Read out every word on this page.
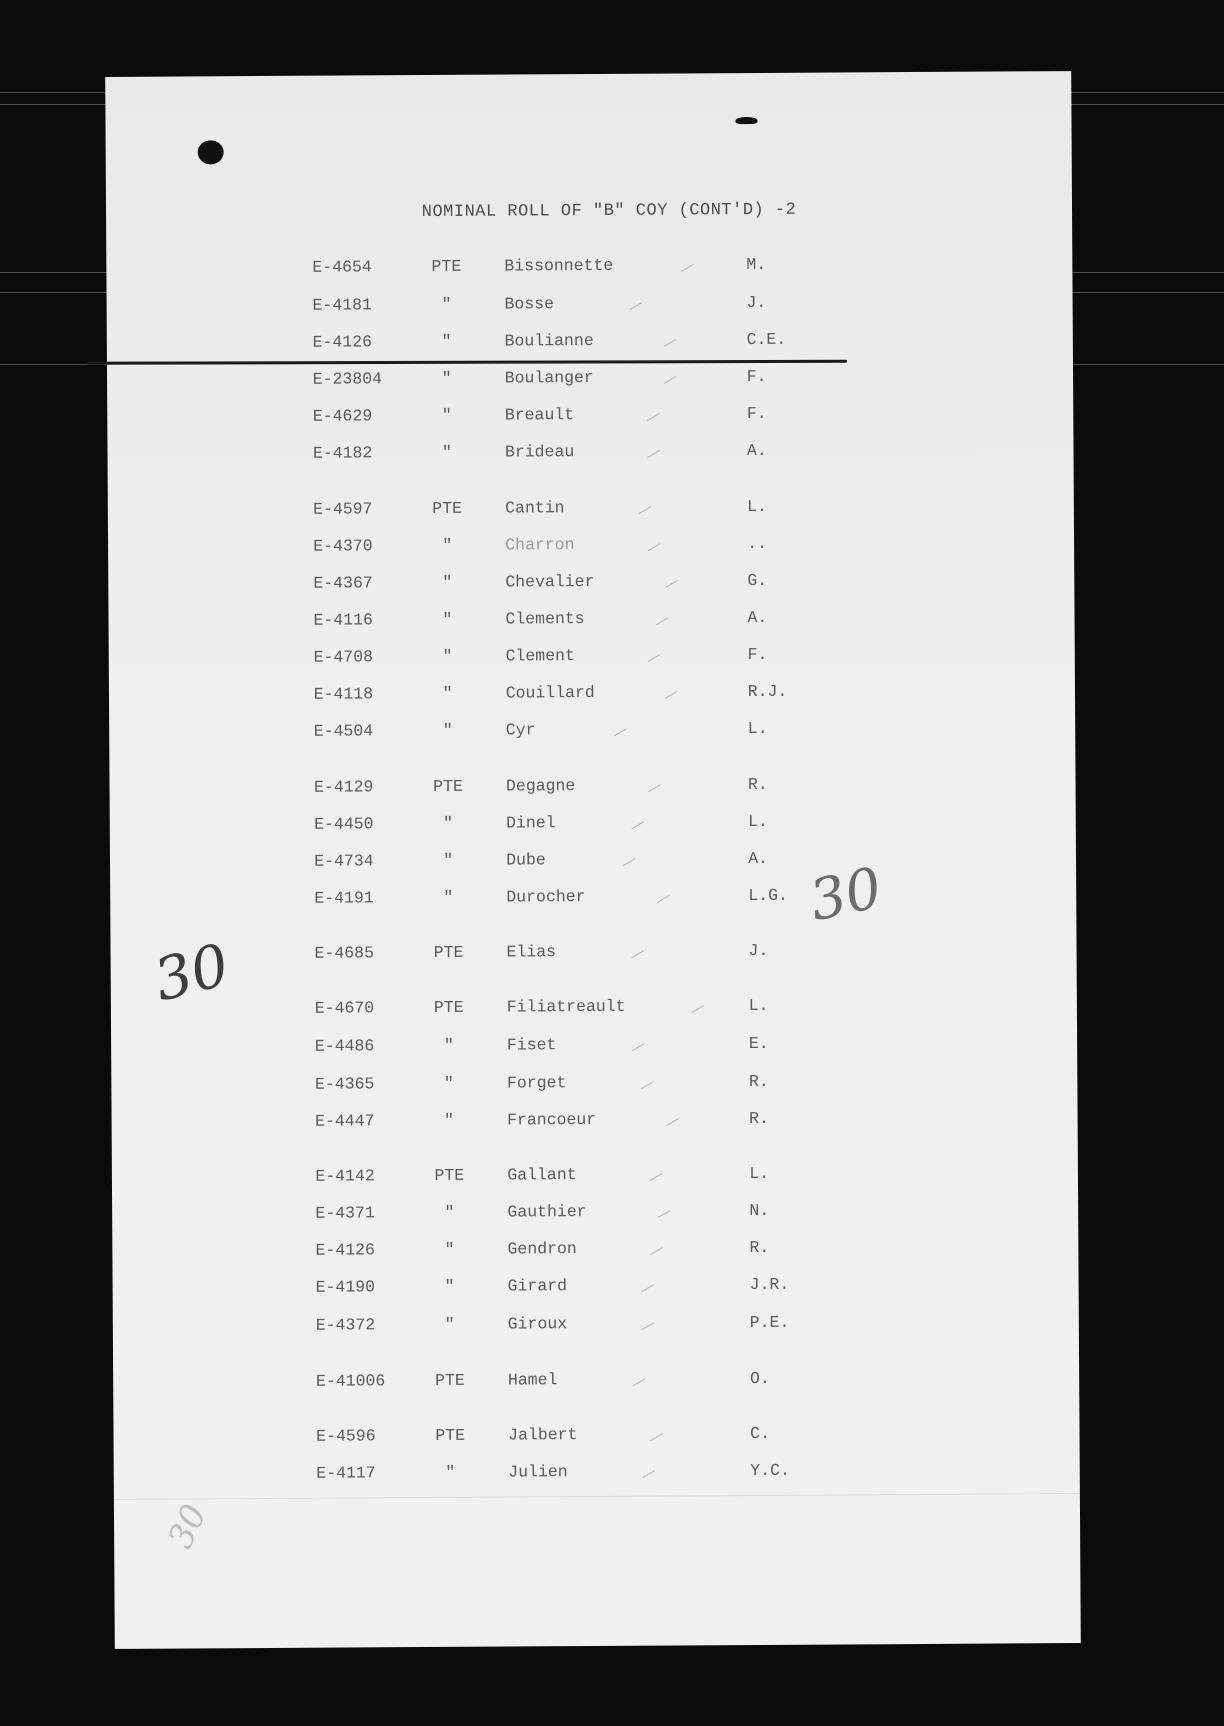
NOMINAL ROLL OF "B" COY (CONT'D) -2
E-4654	PTE	Bissonnette	M.
E-4181	"	Bosse	J.
E-4126	"	Boulianne	C.E.
E-23804	"	Boulanger	F.
E-4629	"	Breault	F.
E-4182	"	Brideau	A.
E-4597	PTE	Cantin	L.
E-4370	"	Charron	..
E-4367	"	Chevalier	G.
E-4116	"	Clements	A.
E-4708	"	Clement	F.
E-4118	"	Couillard	R.J.
E-4504	"	Cyr	L.
E-4129	PTE	Degagne	R.
E-4450	"	Dinel	L.
E-4734	"	Dube	A.
E-4191	"	Durocher	L.G.
E-4685	PTE	Elias	J.
E-4670	PTE	Filiatreault	L.
E-4486	"	Fiset	E.
E-4365	"	Forget	R.
E-4447	"	Francoeur	R.
E-4142	PTE	Gallant	L.
E-4371	"	Gauthier	N.
E-4126	"	Gendron	R.
E-4190	"	Girard	J.R.
E-4372	"	Giroux	P.E.
E-41006	PTE	Hamel	O.
E-4596	PTE	Jalbert	C.
E-4117	"	Julien	Y.C.
30
30
30
